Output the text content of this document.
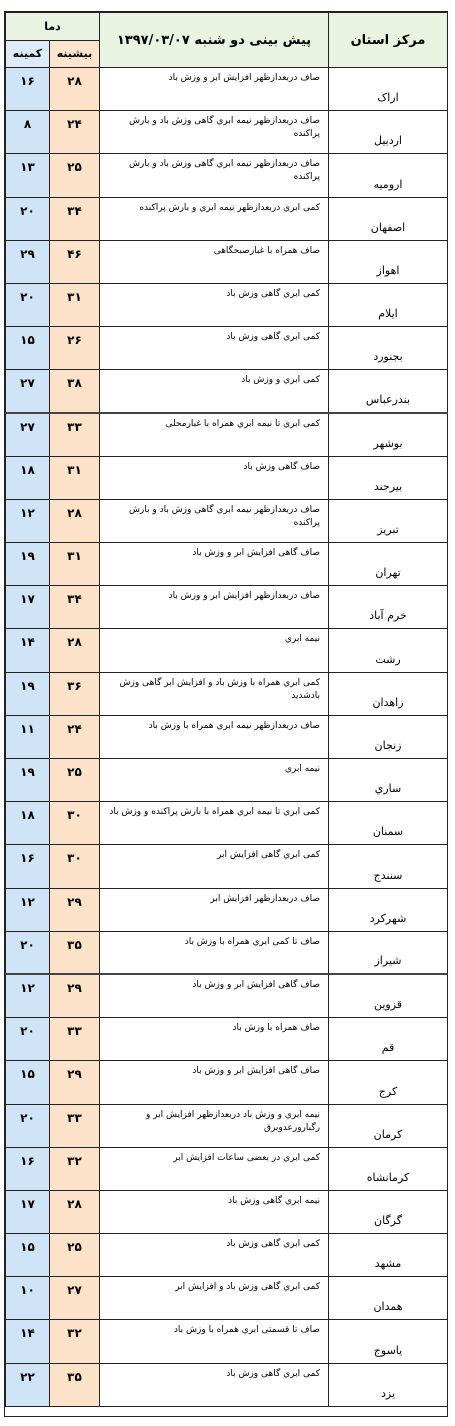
دما		پیش بینی دو شنبه ۱۳۹۷/۰۳/۰۷	مرکز استان
کمینه	بیشینه		
۱۶	۲۸	صاف دربعدازظهر افزایش ابر و وزش باد	اراک
۸	۲۴	صاف دربعدازظهر نیمه ابري گاهی وزش باد و بارش پراکنده	اردبیل
۱۳	۲۵	صاف دربعدازظهر نیمه ابري گاهی وزش باد و بارش پراکنده	ارومیه
۲۰	۳۴	کمی ابري دربعدازظهر نیمه ابري و بارش پراکنده	اصفهان
۲۹	۴۶	صاف همراه با غبارصبحگاهی	اهواز
۲۰	۳۱	کمی ابري گاهی وزش باد	ایلام
۱۵	۲۶	کمی ابري گاهی وزش باد	بجنورد
۲۷	۳۸	کمی ابري و وزش باد	بندرعباس
۲۷	۳۳	کمی ابري تا نیمه ابري همراه با غبارمحلی	بوشهر
۱۸	۳۱	صاف گاهی وزش باد	بیرجند
۱۲	۲۸	صاف دربعدازظهر نیمه ابري گاهی وزش باد و بارش پراکنده	تبریز
۱۹	۳۱	صاف گاهی افزایش ابر و وزش باد	تهران
۱۷	۳۴	صاف دربعدازظهر افزایش ابر و وزش باد	خرم آباد
۱۴	۲۸	نیمه ابري	رشت
۱۹	۳۶	کمی ابري همراه با وزش باد و افزایش ابر گاهی وزش بادشدید	زاهدان
۱۱	۲۴	صاف دربعدازظهر نیمه ابري همراه با وزش باد	زنجان
۱۹	۲۵	نیمه ابري	ساري
۱۸	۳۰	کمی ابري تا نیمه ابري همراه با بارش پراکنده و وزش باد	سمنان
۱۶	۳۰	کمی ابري گاهی افزایش ابر	سنندج
۱۲	۲۹	صاف دربعدازظهر افزایش ابر	شهرکرد
۲۰	۳۵	صاف تا کمی ابري همراه با وزش باد	شیراز
۱۲	۲۹	صاف گاهی افزایش ابر و وزش باد	قزوین
۲۰	۳۳	صاف همراه با وزش باد	قم
۱۵	۲۹	صاف گاهی افزایش ابر و وزش باد	کرج
۲۰	۳۳	نیمه ابري و وزش باد دربعدازظهر افزایش ابر و رگبارورعدوبرق	کرمان
۱۶	۳۲	کمی ابري در بعضی ساعات افزایش ابر	کرمانشاه
۱۷	۲۸	نیمه ابري گاهی وزش باد	گرگان
۱۵	۲۵	کمی ابري گاهی وزش باد	مشهد
۱۰	۲۷	کمی ابري گاهی وزش باد و افزایش ابر	همدان
۱۴	۳۲	صاف تا قسمتی ابري همراه با وزش باد	یاسوج
۲۲	۳۵	کمی ابري گاهی وزش باد	یزد
